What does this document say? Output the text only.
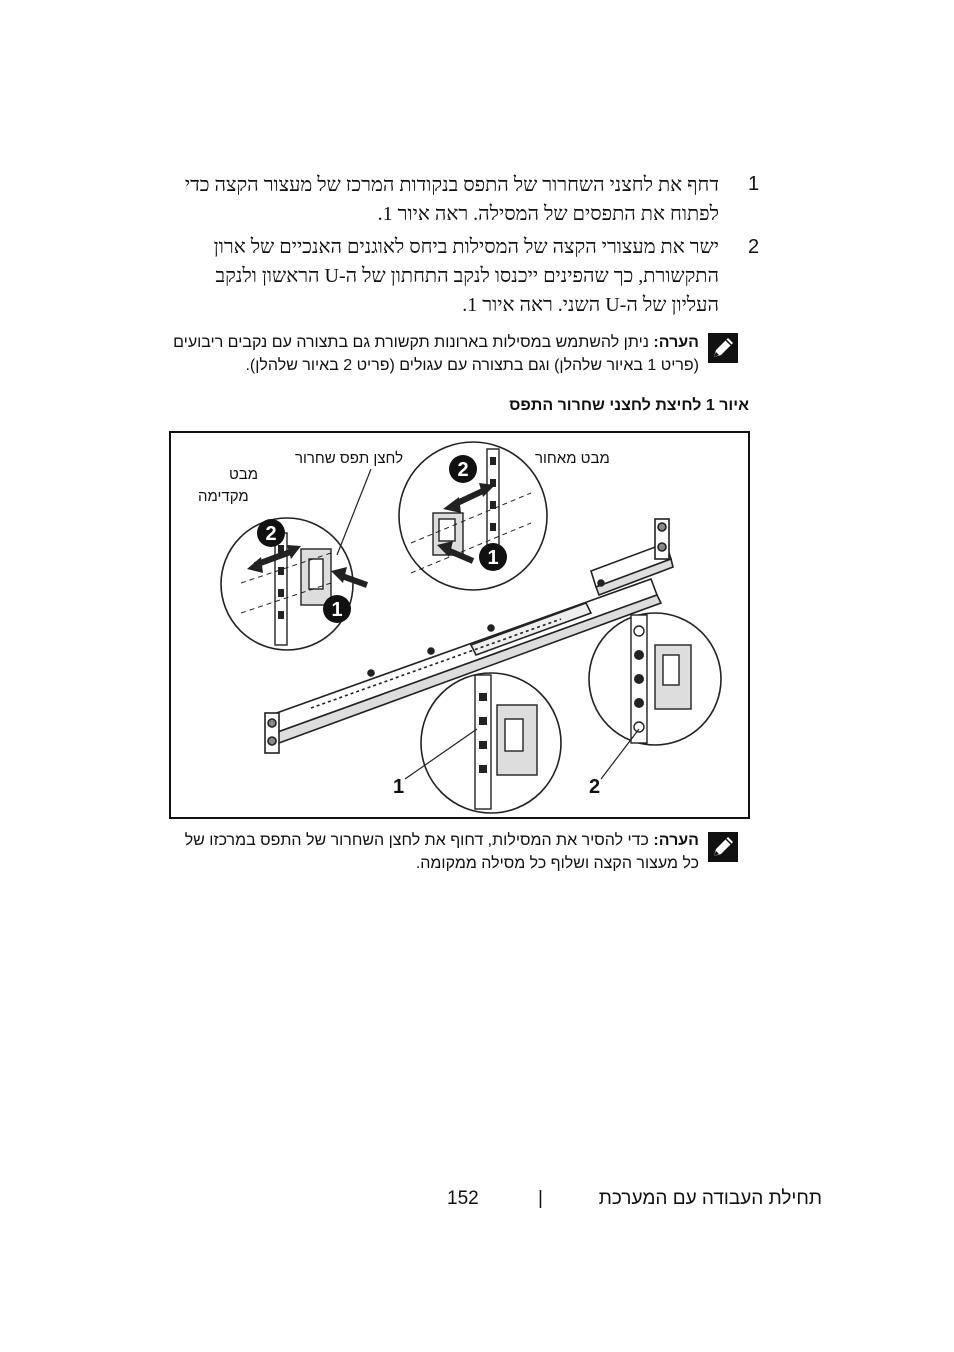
1
דחף את לחצני השחרור של התפס בנקודות המרכז של מעצור הקצה כדי
לפתוח את התפסים של המסילה. ראה איור 1.
2
ישר את מעצורי הקצה של המסילות ביחס לאוגנים האנכיים של ארון
התקשורת, כך שהפינים ייכנסו לנקב התחתון של ה-U הראשון ולנקב
העליון של ה-U השני. ראה איור 1.
הערה: ניתן להשתמש במסילות בארונות תקשורת גם בתצורה עם נקבים ריבועים
(פריט 1 באיור שלהלן) וגם בתצורה עם עגולים (פריט 2 באיור שלהלן).
איור 1 לחיצת לחצני שחרור התפס
2
1
2
1
1	2
לחצן תפס שחרור	מבט מאחור
מבט
מקדימה
הערה: כדי להסיר את המסילות, דחוף את לחצן השחרור של התפס במרכזו של
כל מעצור הקצה ושלוף כל מסילה ממקומה.
תחילת העבודה עם המערכת
|
152
